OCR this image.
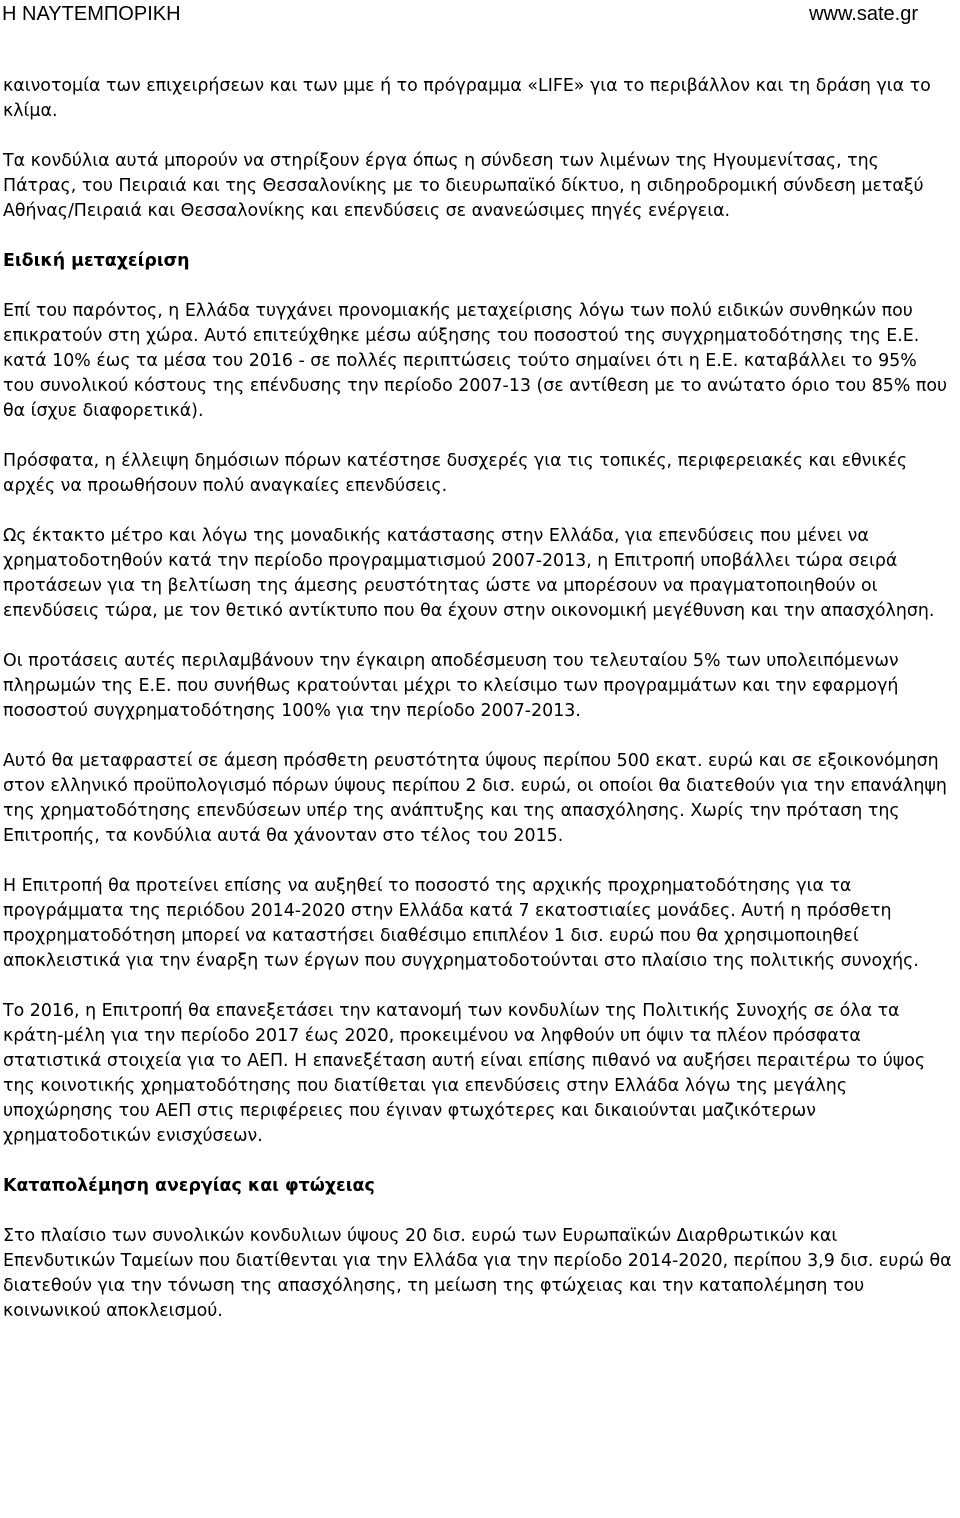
Η ΝΑΥΤΕΜΠΟΡΙΚΗ	www.sate.gr

καινοτομία των επιχειρήσεων και των μμε ή το πρόγραμμα «LIFE» για το περιβάλλον και τη δράση για το κλίμα.

Τα κονδύλια αυτά μπορούν να στηρίξουν έργα όπως η σύνδεση των λιμένων της Ηγουμενίτσας, της Πάτρας, του Πειραιά και της Θεσσαλονίκης με το διευρωπαϊκό δίκτυο, η σιδηροδρομική σύνδεση μεταξύ Αθήνας/Πειραιά και Θεσσαλονίκης και επενδύσεις σε ανανεώσιμες πηγές ενέργεια.

Ειδική μεταχείριση

Επί του παρόντος, η Ελλάδα τυγχάνει προνομιακής μεταχείρισης λόγω των πολύ ειδικών συνθηκών που επικρατούν στη χώρα. Αυτό επιτεύχθηκε μέσω αύξησης του ποσοστού της συγχρηματοδότησης της Ε.Ε. κατά 10% έως τα μέσα του 2016 - σε πολλές περιπτώσεις τούτο σημαίνει ότι η Ε.Ε. καταβάλλει το 95% του συνολικού κόστους της επένδυσης την περίοδο 2007-13 (σε αντίθεση με το ανώτατο όριο του 85% που θα ίσχυε διαφορετικά).

Πρόσφατα, η έλλειψη δημόσιων πόρων κατέστησε δυσχερές για τις τοπικές, περιφερειακές και εθνικές αρχές να προωθήσουν πολύ αναγκαίες επενδύσεις.

Ως έκτακτο μέτρο και λόγω της μοναδικής κατάστασης στην Ελλάδα, για επενδύσεις που μένει να χρηματοδοτηθούν κατά την περίοδο προγραμματισμού 2007-2013, η Επιτροπή υποβάλλει τώρα σειρά προτάσεων για τη βελτίωση της άμεσης ρευστότητας ώστε να μπορέσουν να πραγματοποιηθούν οι επενδύσεις τώρα, με τον θετικό αντίκτυπο που θα έχουν στην οικονομική μεγέθυνση και την απασχόληση.

Οι προτάσεις αυτές περιλαμβάνουν την έγκαιρη αποδέσμευση του τελευταίου 5% των υπολειπόμενων πληρωμών της Ε.Ε. που συνήθως κρατούνται μέχρι το κλείσιμο των προγραμμάτων και την εφαρμογή ποσοστού συγχρηματοδότησης 100% για την περίοδο 2007-2013.

Αυτό θα μεταφραστεί σε άμεση πρόσθετη ρευστότητα ύψους περίπου 500 εκατ. ευρώ και σε εξοικονόμηση στον ελληνικό προϋπολογισμό πόρων ύψους περίπου 2 δισ. ευρώ, οι οποίοι θα διατεθούν για την επανάληψη της χρηματοδότησης επενδύσεων υπέρ της ανάπτυξης και της απασχόλησης. Χωρίς την πρόταση της Επιτροπής, τα κονδύλια αυτά θα χάνονταν στο τέλος του 2015.

Η Επιτροπή θα προτείνει επίσης να αυξηθεί το ποσοστό της αρχικής προχρηματοδότησης για τα προγράμματα της περιόδου 2014-2020 στην Ελλάδα κατά 7 εκατοστιαίες μονάδες. Αυτή η πρόσθετη προχρηματοδότηση μπορεί να καταστήσει διαθέσιμο επιπλέον 1 δισ. ευρώ που θα χρησιμοποιηθεί αποκλειστικά για την έναρξη των έργων που συγχρηματοδοτούνται στο πλαίσιο της πολιτικής συνοχής.

Το 2016, η Επιτροπή θα επανεξετάσει την κατανομή των κονδυλίων της Πολιτικής Συνοχής σε όλα τα κράτη-μέλη για την περίοδο 2017 έως 2020, προκειμένου να ληφθούν υπ όψιν τα πλέον πρόσφατα στατιστικά στοιχεία για το ΑΕΠ. Η επανεξέταση αυτή είναι επίσης πιθανό να αυξήσει περαιτέρω το ύψος της κοινοτικής χρηματοδότησης που διατίθεται για επενδύσεις στην Ελλάδα λόγω της μεγάλης υποχώρησης του ΑΕΠ στις περιφέρειες που έγιναν φτωχότερες και δικαιούνται μαζικότερων χρηματοδοτικών ενισχύσεων.

Καταπολέμηση ανεργίας και φτώχειας

Στο πλαίσιο των συνολικών κονδυλιων ύψους 20 δισ. ευρώ των Ευρωπαϊκών Διαρθρωτικών και Επενδυτικών Ταμείων που διατίθενται για την Ελλάδα για την περίοδο 2014-2020, περίπου 3,9 δισ. ευρώ θα διατεθούν για την τόνωση της απασχόλησης, τη μείωση της φτώχειας και την καταπολέμηση του κοινωνικού αποκλεισμού.
